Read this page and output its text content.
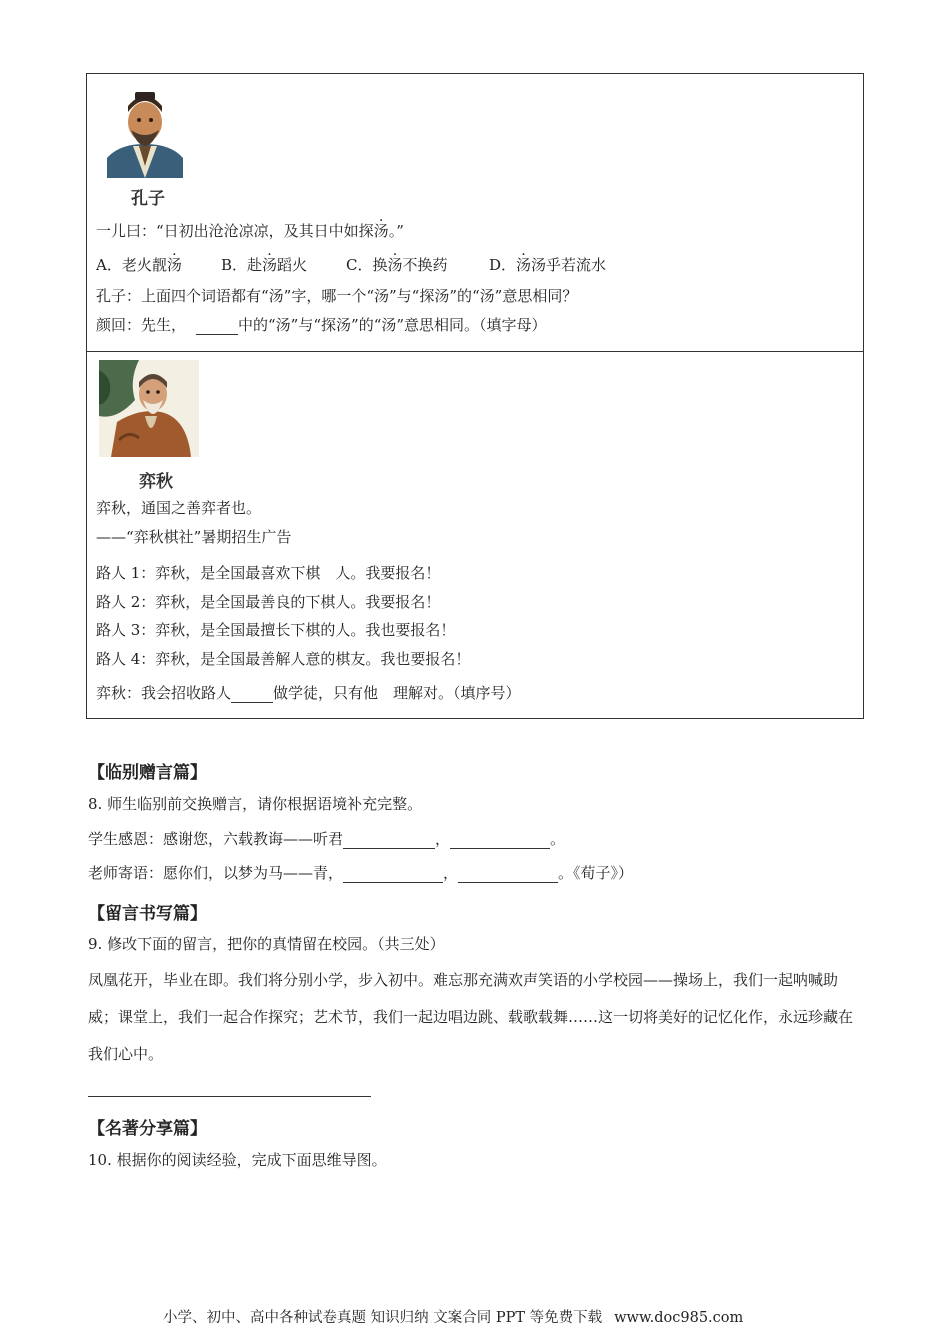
孔子
一儿曰：“日初出沧沧凉凉，及其日中如探汤。”
A．老火靓汤	B．赴汤蹈火	C．换汤不换药	D．汤汤乎若流水
孔子：上面四个词语都有“汤”字，哪一个“汤”与“探汤”的“汤”意思相同？
颜回：先生，	中的“汤”与“探汤”的“汤”意思相同。（填字母）
弈秋
弈秋，通国之善弈者也。
——“弈秋棋社”暑期招生广告
路人 1：弈秋，是全国最喜欢下棋　人。我要报名！
路人 2：弈秋，是全国最善良的下棋人。我要报名！
路人 3：弈秋，是全国最擅长下棋的人。我也要报名！
路人 4：弈秋，是全国最善解人意的棋友。我也要报名！
弈秋：我会招收路人	做学徒，只有他　理解对。（填序号）
【临别赠言篇】
8. 师生临别前交换赠言，请你根据语境补充完整。
学生感恩：感谢您，六载教诲——听君	，	。
老师寄语：愿你们，以梦为马——青，	，	。《荀子》）
【留言书写篇】
9. 修改下面的留言，把你的真情留在校园。（共三处）
凤凰花开，毕业在即。我们将分别小学，步入初中。难忘那充满欢声笑语的小学校园——操场上，我们一起呐喊助威；课堂上，我们一起合作探究；艺术节，我们一起边唱边跳、载歌载舞……这一切将美好的记忆化作，永远珍藏在我们心中。
【名著分享篇】
10. 根据你的阅读经验，完成下面思维导图。
小学、初中、高中各种试卷真题 知识归纳 文案合同 PPT 等免费下载 www.doc985.com
